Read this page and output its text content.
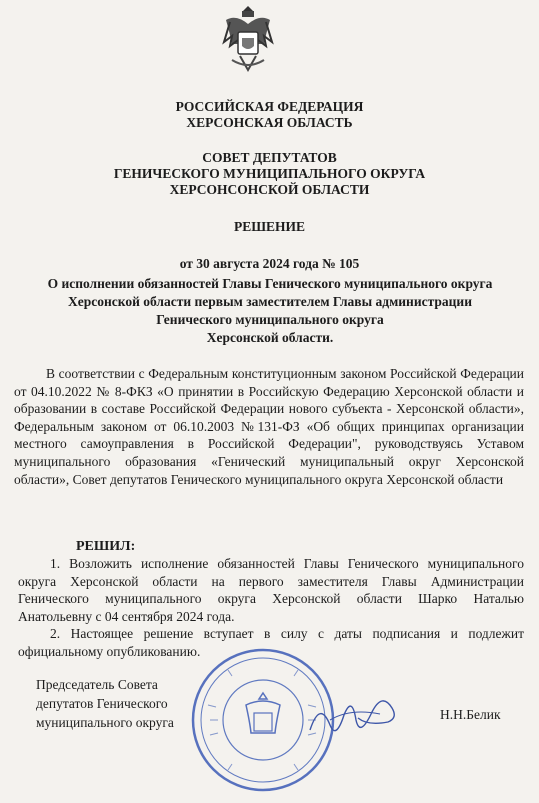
РОССИЙСКАЯ ФЕДЕРАЦИЯ
ХЕРСОНСКАЯ ОБЛАСТЬ
СОВЕТ ДЕПУТАТОВ
ГЕНИЧЕСКОГО МУНИЦИПАЛЬНОГО ОКРУГА
ХЕРСОНСОНСКОЙ ОБЛАСТИ
РЕШЕНИЕ
от 30 августа 2024 года № 105
О исполнении обязанностей Главы Генического муниципального округа
Херсонской области первым заместителем Главы администрации
Генического муниципального округа
Херсонской области.

В соответствии с Федеральным конституционным законом Российской Федерации от 04.10.2022 № 8-ФКЗ «О принятии в Российскую Федерацию Херсонской области и образовании в составе Российской Федерации нового субъекта - Херсонской области», Федеральным законом от 06.10.2003 №131-ФЗ «Об общих принципах организации местного самоуправления в Российской Федерации", руководствуясь Уставом муниципального образования «Генический муниципальный округ Херсонской области», Совет депутатов Генического муниципального округа Херсонской области

РЕШИЛ:

1. Возложить исполнение обязанностей Главы Генического муниципального округа Херсонской области на первого заместителя Главы Администрации Генического муниципального округа Херсонской области Шарко Наталью Анатольевну с 04 сентября 2024 года.

2. Настоящее решение вступает в силу с даты подписания и подлежит официальному опубликованию.

Председатель Совета
депутатов Генического
муниципального округа
Н.Н.Белик
